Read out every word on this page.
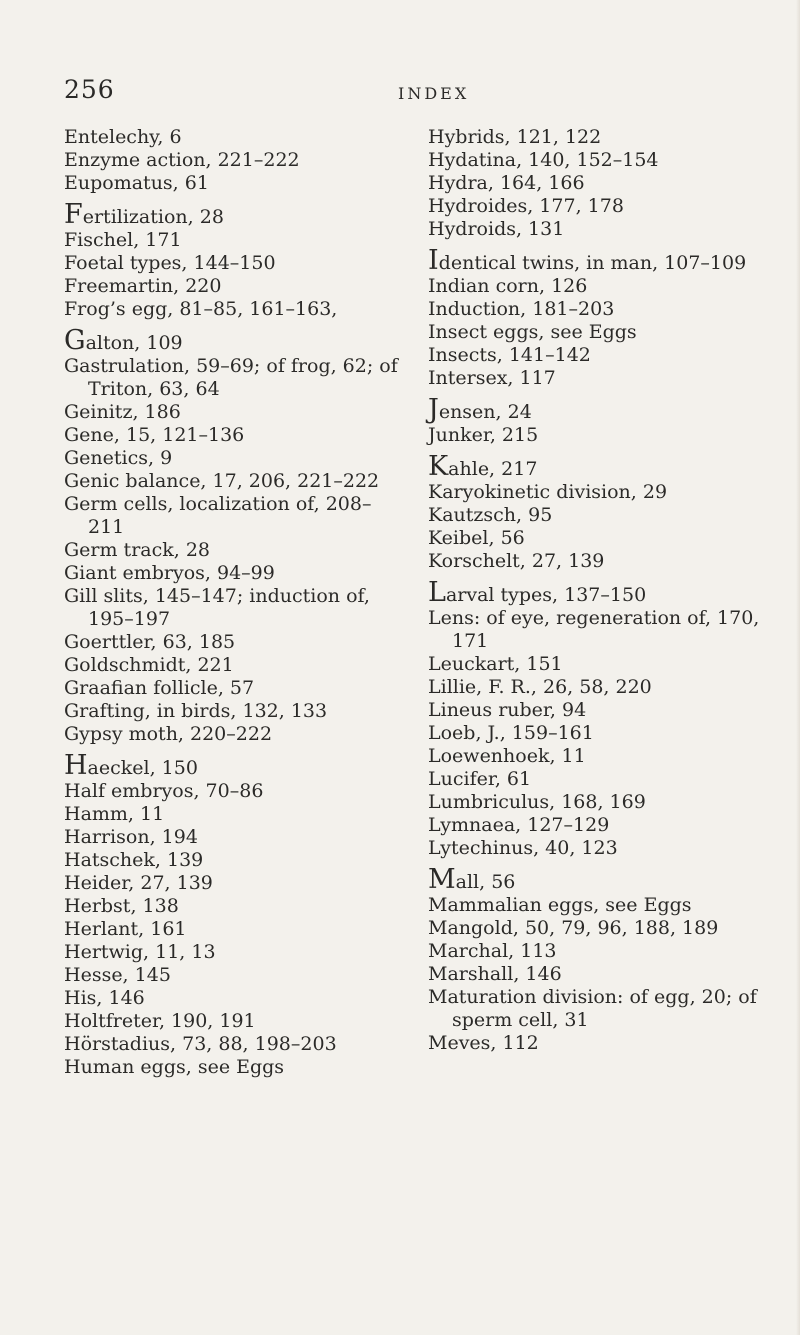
256	INDEX
Entelechy, 6
Enzyme action, 221–222
Eupomatus, 61
Fertilization, 28
Fischel, 171
Foetal types, 144–150
Freemartin, 220
Frog’s egg, 81–85, 161–163,
Galton, 109
Gastrulation, 59–69; of frog, 62; of Triton, 63, 64
Geinitz, 186
Gene, 15, 121–136
Genetics, 9
Genic balance, 17, 206, 221–222
Germ cells, localization of, 208–211
Germ track, 28
Giant embryos, 94–99
Gill slits, 145–147; induction of, 195–197
Goerttler, 63, 185
Goldschmidt, 221
Graafian follicle, 57
Grafting, in birds, 132, 133
Gypsy moth, 220–222
Haeckel, 150
Half embryos, 70–86
Hamm, 11
Harrison, 194
Hatschek, 139
Heider, 27, 139
Herbst, 138
Herlant, 161
Hertwig, 11, 13
Hesse, 145
His, 146
Holtfreter, 190, 191
Hörstadius, 73, 88, 198–203
Human eggs, see Eggs
Hybrids, 121, 122
Hydatina, 140, 152–154
Hydra, 164, 166
Hydroides, 177, 178
Hydroids, 131
Identical twins, in man, 107–109
Indian corn, 126
Induction, 181–203
Insect eggs, see Eggs
Insects, 141–142
Intersex, 117
Jensen, 24
Junker, 215
Kahle, 217
Karyokinetic division, 29
Kautzsch, 95
Keibel, 56
Korschelt, 27, 139
Larval types, 137–150
Lens: of eye, regeneration of, 170, 171
Leuckart, 151
Lillie, F. R., 26, 58, 220
Lineus ruber, 94
Loeb, J., 159–161
Loewenhoek, 11
Lucifer, 61
Lumbriculus, 168, 169
Lymnaea, 127–129
Lytechinus, 40, 123
Mall, 56
Mammalian eggs, see Eggs
Mangold, 50, 79, 96, 188, 189
Marchal, 113
Marshall, 146
Maturation division: of egg, 20; of sperm cell, 31
Meves, 112
